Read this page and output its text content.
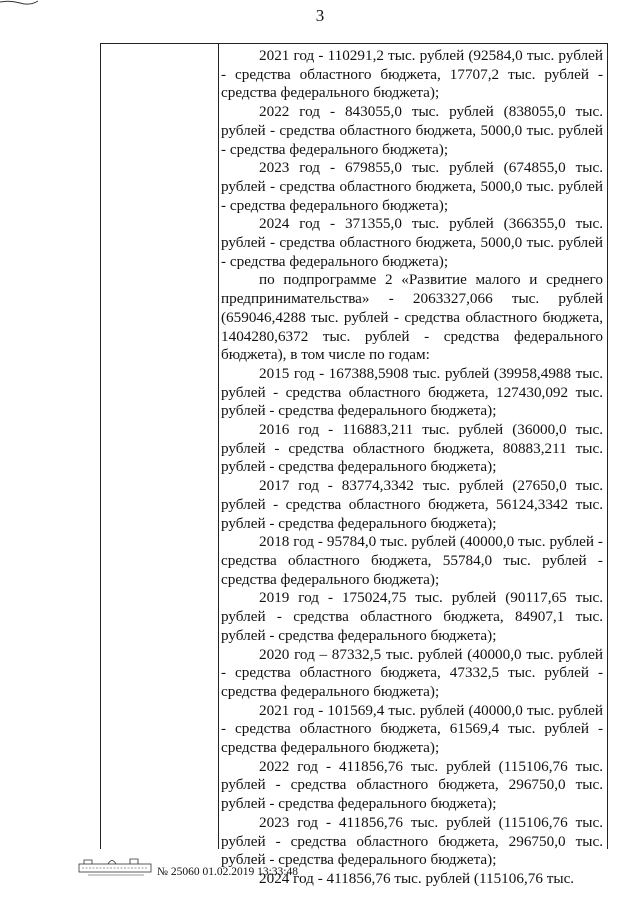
3

2021 год - 110291,2 тыс. рублей (92584,0 тыс. рублей - средства областного бюджета, 17707,2 тыс. рублей - средства федерального бюджета);

2022 год - 843055,0 тыс. рублей (838055,0 тыс. рублей - средства областного бюджета, 5000,0 тыс. рублей - средства федерального бюджета);

2023 год - 679855,0 тыс. рублей (674855,0 тыс. рублей - средства областного бюджета, 5000,0 тыс. рублей - средства федерального бюджета);

2024 год - 371355,0 тыс. рублей (366355,0 тыс. рублей - средства областного бюджета, 5000,0 тыс. рублей - средства федерального бюджета);

по подпрограмме 2 «Развитие малого и среднего предпринимательства» - 2063327,066 тыс. рублей (659046,4288 тыс. рублей - средства областного бюджета, 1404280,6372 тыс. рублей - средства федерального бюджета), в том числе по годам:

2015 год - 167388,5908 тыс. рублей (39958,4988 тыс. рублей - средства областного бюджета, 127430,092 тыс. рублей - средства федерального бюджета);

2016 год - 116883,211 тыс. рублей (36000,0 тыс. рублей - средства областного бюджета, 80883,211 тыс. рублей - средства федерального бюджета);

2017 год - 83774,3342 тыс. рублей (27650,0 тыс. рублей - средства областного бюджета, 56124,3342 тыс. рублей - средства федерального бюджета);

2018 год - 95784,0 тыс. рублей (40000,0 тыс. рублей - средства областного бюджета, 55784,0 тыс. рублей - средства федерального бюджета);

2019 год - 175024,75 тыс. рублей (90117,65 тыс. рублей - средства областного бюджета, 84907,1 тыс. рублей - средства федерального бюджета);

2020 год – 87332,5 тыс. рублей (40000,0 тыс. рублей - средства областного бюджета, 47332,5 тыс. рублей - средства федерального бюджета);

2021 год - 101569,4 тыс. рублей (40000,0 тыс. рублей - средства областного бюджета, 61569,4 тыс. рублей - средства федерального бюджета);

2022 год - 411856,76 тыс. рублей (115106,76 тыс. рублей - средства областного бюджета, 296750,0 тыс. рублей - средства федерального бюджета);

2023 год - 411856,76 тыс. рублей (115106,76 тыс. рублей - средства областного бюджета, 296750,0 тыс. рублей - средства федерального бюджета);

2024 год - 411856,76 тыс. рублей (115106,76 тыс.

№ 25060 01.02.2019 13:33:48
